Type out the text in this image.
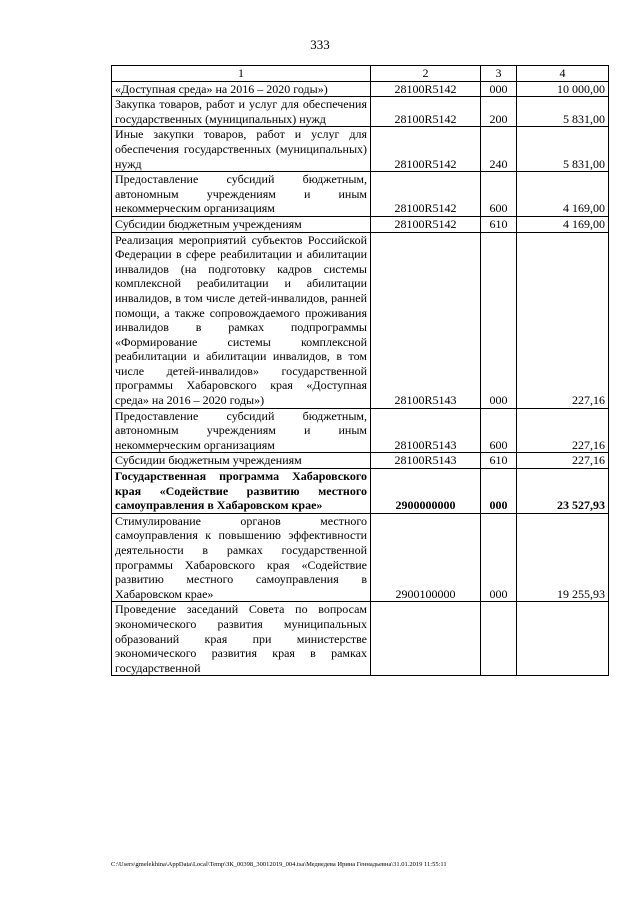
333
1	2	3	4
«Доступная среда» на 2016 – 2020 годы»)	28100R5142	000	10 000,00
Закупка товаров, работ и услуг для обеспечения государственных (муниципальных) нужд	28100R5142	200	5 831,00
Иные закупки товаров, работ и услуг для обеспечения государственных (муниципальных) нужд	28100R5142	240	5 831,00
Предоставление субсидий бюджетным, автономным учреждениям и иным некоммерческим организациям	28100R5142	600	4 169,00
Субсидии бюджетным учреждениям	28100R5142	610	4 169,00
Реализация мероприятий субъектов Российской Федерации в сфере реабилитации и абилитации инвалидов (на подготовку кадров системы комплексной реабилитации и абилитации инвалидов, в том числе детей-инвалидов, ранней помощи, а также сопровождаемого проживания инвалидов в рамках подпрограммы «Формирование системы комплексной реабилитации и абилитации инвалидов, в том числе детей-инвалидов» государственной программы Хабаровского края «Доступная среда» на 2016 – 2020 годы»)	28100R5143	000	227,16
Предоставление субсидий бюджетным, автономным учреждениям и иным некоммерческим организациям	28100R5143	600	227,16
Субсидии бюджетным учреждениям	28100R5143	610	227,16
Государственная программа Хабаровского края «Содействие развитию местного самоуправления в Хабаровском крае»	2900000000	000	23 527,93
Стимулирование органов местного самоуправления к повышению эффективности деятельности в рамках государственной программы Хабаровского края «Содействие развитию местного самоуправления в Хабаровском крае»	2900100000	000	19 255,93
Проведение заседаний Совета по вопросам экономического развития муниципальных образований края при министерстве экономического развития края в рамках государственной			
C:\Users\gmelekhina\AppData\Local\Temp\ЗК_00398_30012019_004.tsa\Медведева Ирина Геннадьевна\31.01.2019 11:55:11
